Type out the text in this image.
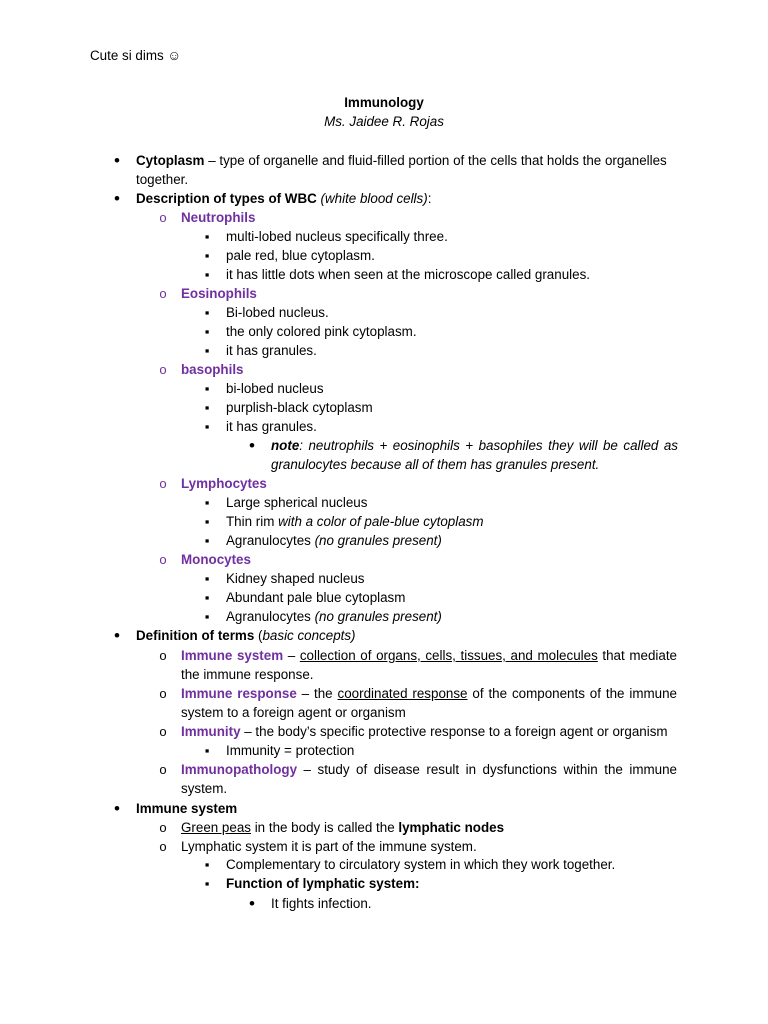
Cute si dims ☺
Immunology
Ms. Jaidee R. Rojas
•
Cytoplasm – type of organelle and fluid-filled portion of the cells that holds the organelles
together.
•
Description of types of WBC (white blood cells):
o
Neutrophils
▪
multi-lobed nucleus specifically three.
▪
pale red, blue cytoplasm.
▪
it has little dots when seen at the microscope called granules.
o
Eosinophils
▪
Bi-lobed nucleus.
▪
the only colored pink cytoplasm.
▪
it has granules.
o
basophils
▪
bi-lobed nucleus
▪
purplish-black cytoplasm
▪
it has granules.
•
note: neutrophils + eosinophils + basophiles they will be called as
granulocytes because all of them has granules present.
o
Lymphocytes
▪
Large spherical nucleus
▪
Thin rim with a color of pale-blue cytoplasm
▪
Agranulocytes (no granules present)
o
Monocytes
▪
Kidney shaped nucleus
▪
Abundant pale blue cytoplasm
▪
Agranulocytes (no granules present)
•
Definition of terms (basic concepts)
o
Immune system – collection of organs, cells, tissues, and molecules that mediate
the immune response.
o
Immune response – the coordinated response of the components of the immune
system to a foreign agent or organism
o
Immunity – the body’s specific protective response to a foreign agent or organism
▪
Immunity = protection
o
Immunopathology – study of disease result in dysfunctions within the immune
system.
•
Immune system
o
Green peas in the body is called the lymphatic nodes
o
Lymphatic system it is part of the immune system.
▪
Complementary to circulatory system in which they work together.
▪
Function of lymphatic system:
•
It fights infection.
